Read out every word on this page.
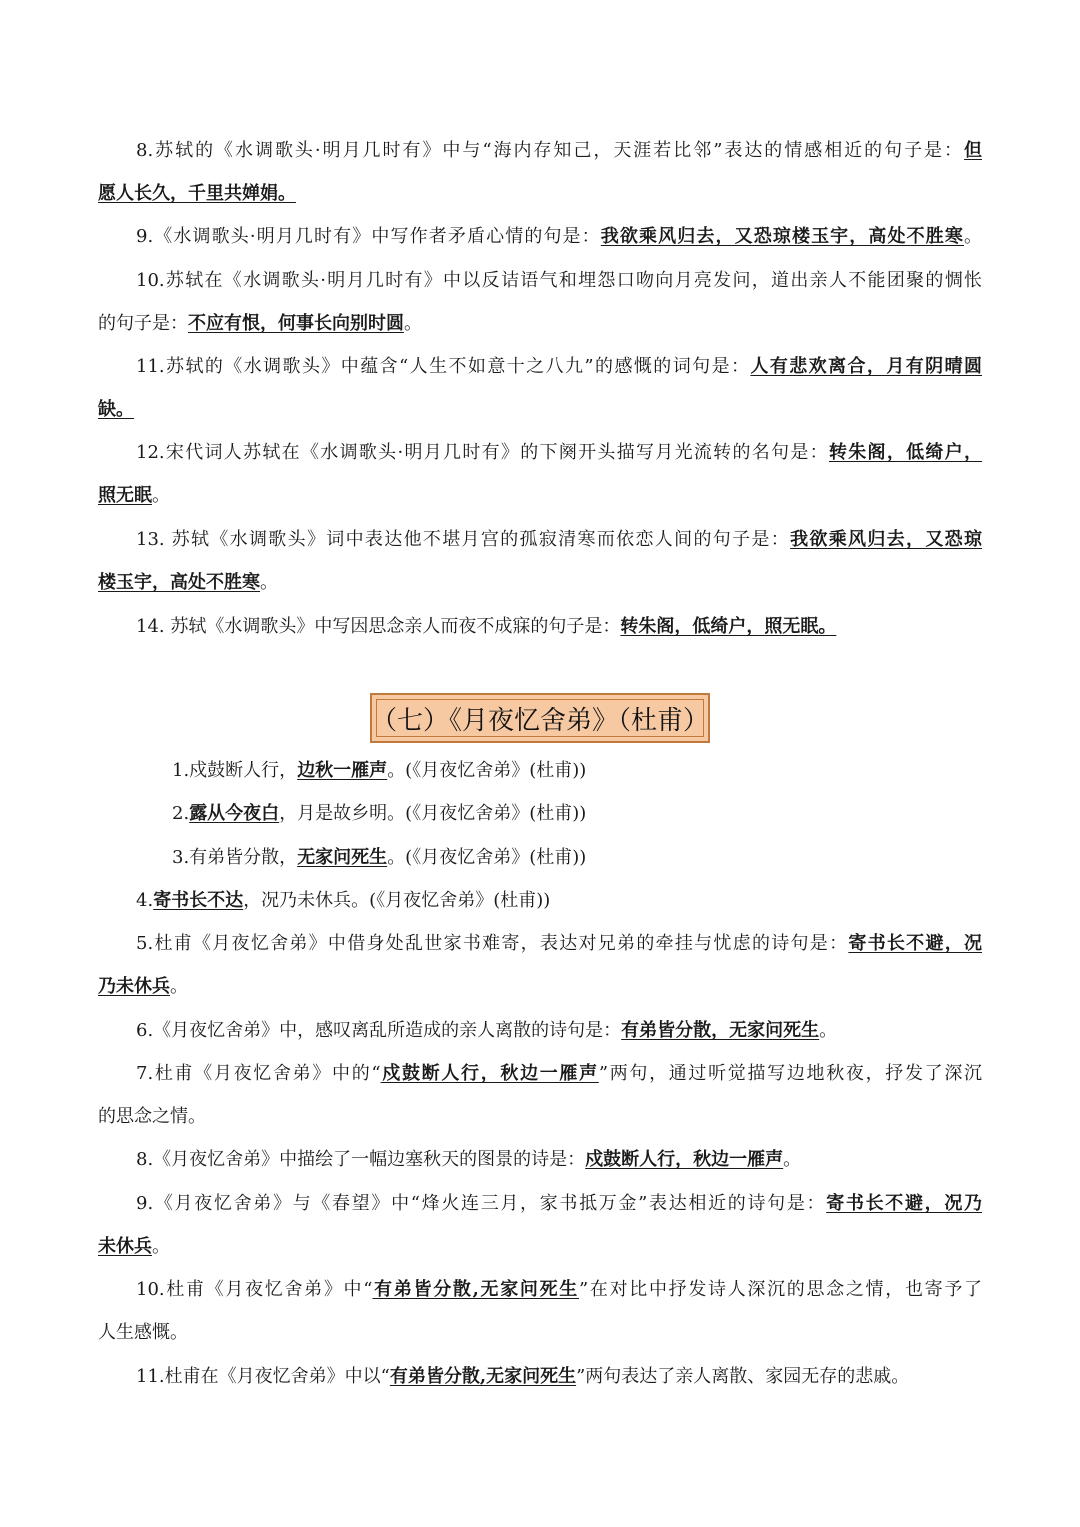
8.苏轼的《水调歌头·明月几时有》中与“海内存知己，天涯若比邻”表达的情感相近的句子是：但
愿人长久，千里共婵娟。
9.《水调歌头·明月几时有》中写作者矛盾心情的句是：我欲乘风归去，又恐琼楼玉宇，高处不胜寒。
10.苏轼在《水调歌头·明月几时有》中以反诘语气和埋怨口吻向月亮发问，道出亲人不能团聚的惆怅
的句子是：不应有恨，何事长向别时圆。
11.苏轼的《水调歌头》中蕴含“人生不如意十之八九”的感慨的词句是：人有悲欢离合，月有阴晴圆
缺。
12.宋代词人苏轼在《水调歌头·明月几时有》的下阕开头描写月光流转的名句是：转朱阁，低绮户，
照无眠。
13. 苏轼《水调歌头》词中表达他不堪月宫的孤寂清寒而依恋人间的句子是：我欲乘风归去，又恐琼
楼玉宇，高处不胜寒。
14. 苏轼《水调歌头》中写因思念亲人而夜不成寐的句子是：转朱阁，低绮户，照无眠。
（七）《月夜忆舍弟》（杜甫）
1.戍鼓断人行，边秋一雁声。(《月夜忆舍弟》(杜甫))
2.露从今夜白，月是故乡明。(《月夜忆舍弟》(杜甫))
3.有弟皆分散，无家问死生。(《月夜忆舍弟》(杜甫))
4.寄书长不达，况乃未休兵。(《月夜忆舍弟》(杜甫))
5.杜甫《月夜忆舍弟》中借身处乱世家书难寄，表达对兄弟的牵挂与忧虑的诗句是：寄书长不避，况
乃未休兵。
6.《月夜忆舍弟》中，感叹离乱所造成的亲人离散的诗句是：有弟皆分散，无家问死生。
7.杜甫《月夜忆舍弟》中的“戍鼓断人行，秋边一雁声”两句，通过听觉描写边地秋夜，抒发了深沉
的思念之情。
8.《月夜忆舍弟》中描绘了一幅边塞秋天的图景的诗是：戍鼓断人行，秋边一雁声。
9.《月夜忆舍弟》与《春望》中“烽火连三月，家书抵万金”表达相近的诗句是：寄书长不避，况乃
未休兵。
10.杜甫《月夜忆舍弟》中“有弟皆分散,无家问死生”在对比中抒发诗人深沉的思念之情，也寄予了
人生感慨。
11.杜甫在《月夜忆舍弟》中以“有弟皆分散,无家问死生”两句表达了亲人离散、家园无存的悲戚。
